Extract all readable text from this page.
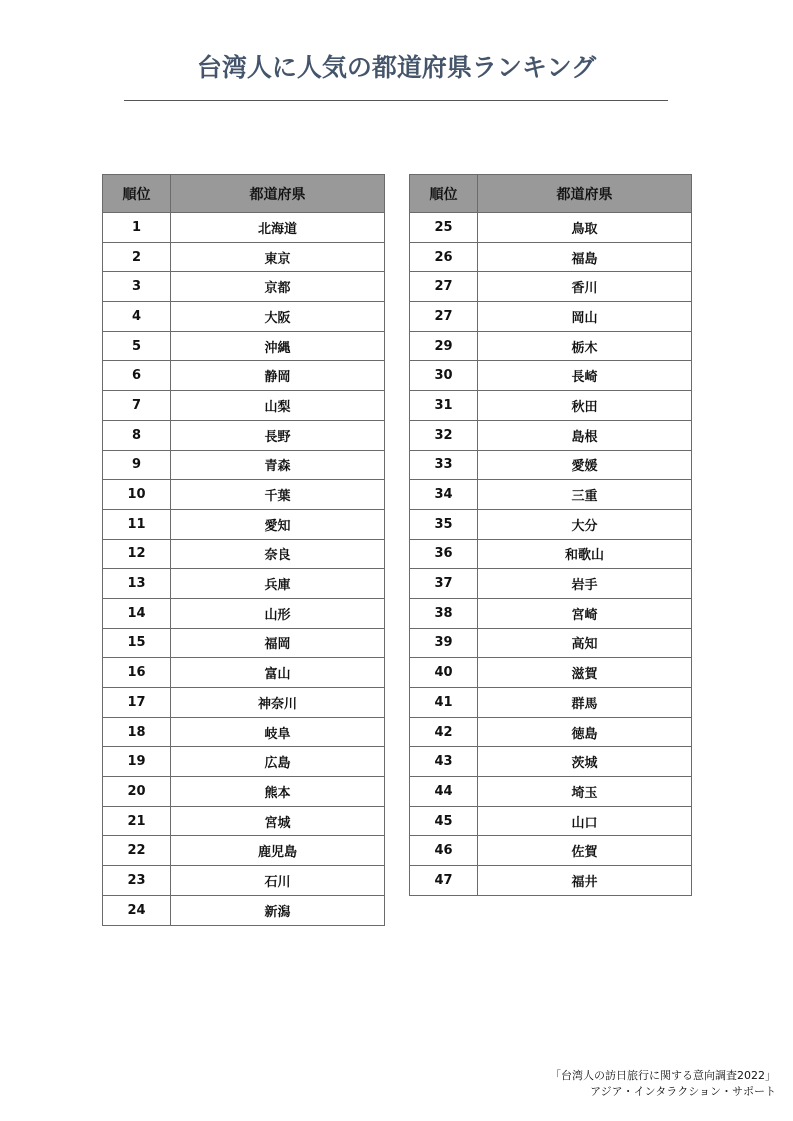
台湾人に人気の都道府県ランキング
順位	都道府県
1	北海道
2	東京
3	京都
4	大阪
5	沖縄
6	静岡
7	山梨
8	長野
9	青森
10	千葉
11	愛知
12	奈良
13	兵庫
14	山形
15	福岡
16	富山
17	神奈川
18	岐阜
19	広島
20	熊本
21	宮城
22	鹿児島
23	石川
24	新潟
順位	都道府県
25	鳥取
26	福島
27	香川
27	岡山
29	栃木
30	長崎
31	秋田
32	島根
33	愛媛
34	三重
35	大分
36	和歌山
37	岩手
38	宮崎
39	高知
40	滋賀
41	群馬
42	徳島
43	茨城
44	埼玉
45	山口
46	佐賀
47	福井
「台湾人の訪日旅行に関する意向調査2022」
アジア・インタラクション・サポート
